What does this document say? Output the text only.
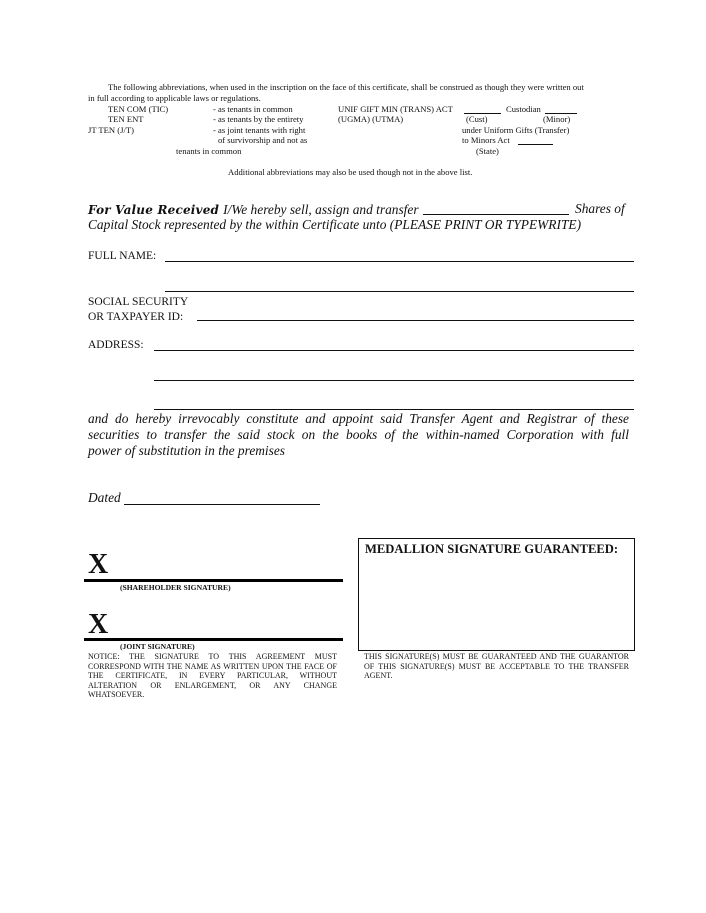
The following abbreviations, when used in the inscription on the face of this certificate, shall be construed as though they were written out
in full according to applicable laws or regulations.
TEN COM (TIC)	- as tenants in common
TEN ENT	- as tenants by the entirety
JT TEN (J/T)	- as joint tenants with right
of survivorship and not as
tenants in common
UNIF GIFT MIN (TRANS) ACT	Custodian
(UGMA) (UTMA)	(Cust)	(Minor)
under Uniform Gifts (Transfer)
to Minors Act
(State)
Additional abbreviations may also be used though not in the above list.
For Value Received I/We hereby sell, assign and transfer	Shares of
Capital Stock represented by the within Certificate unto (PLEASE PRINT OR TYPEWRITE)
FULL NAME:
SOCIAL SECURITY
OR TAXPAYER ID:
ADDRESS:
and do hereby irrevocably constitute and appoint said Transfer Agent and Registrar of these
securities to transfer the said stock on the books of the within-named Corporation with full
power of substitution in the premises
Dated
X
(SHAREHOLDER SIGNATURE)
X
(JOINT SIGNATURE)
NOTICE: THE SIGNATURE TO THIS AGREEMENT MUST CORRESPOND WITH THE NAME AS WRITTEN UPON THE FACE OF THE CERTIFICATE, IN EVERY PARTICULAR, WITHOUT ALTERATION OR ENLARGEMENT, OR ANY CHANGE WHATSOEVER.
MEDALLION SIGNATURE GUARANTEED:
THIS SIGNATURE(S) MUST BE GUARANTEED AND THE GUARANTOR OF THIS SIGNATURE(S) MUST BE ACCEPTABLE TO THE TRANSFER AGENT.
